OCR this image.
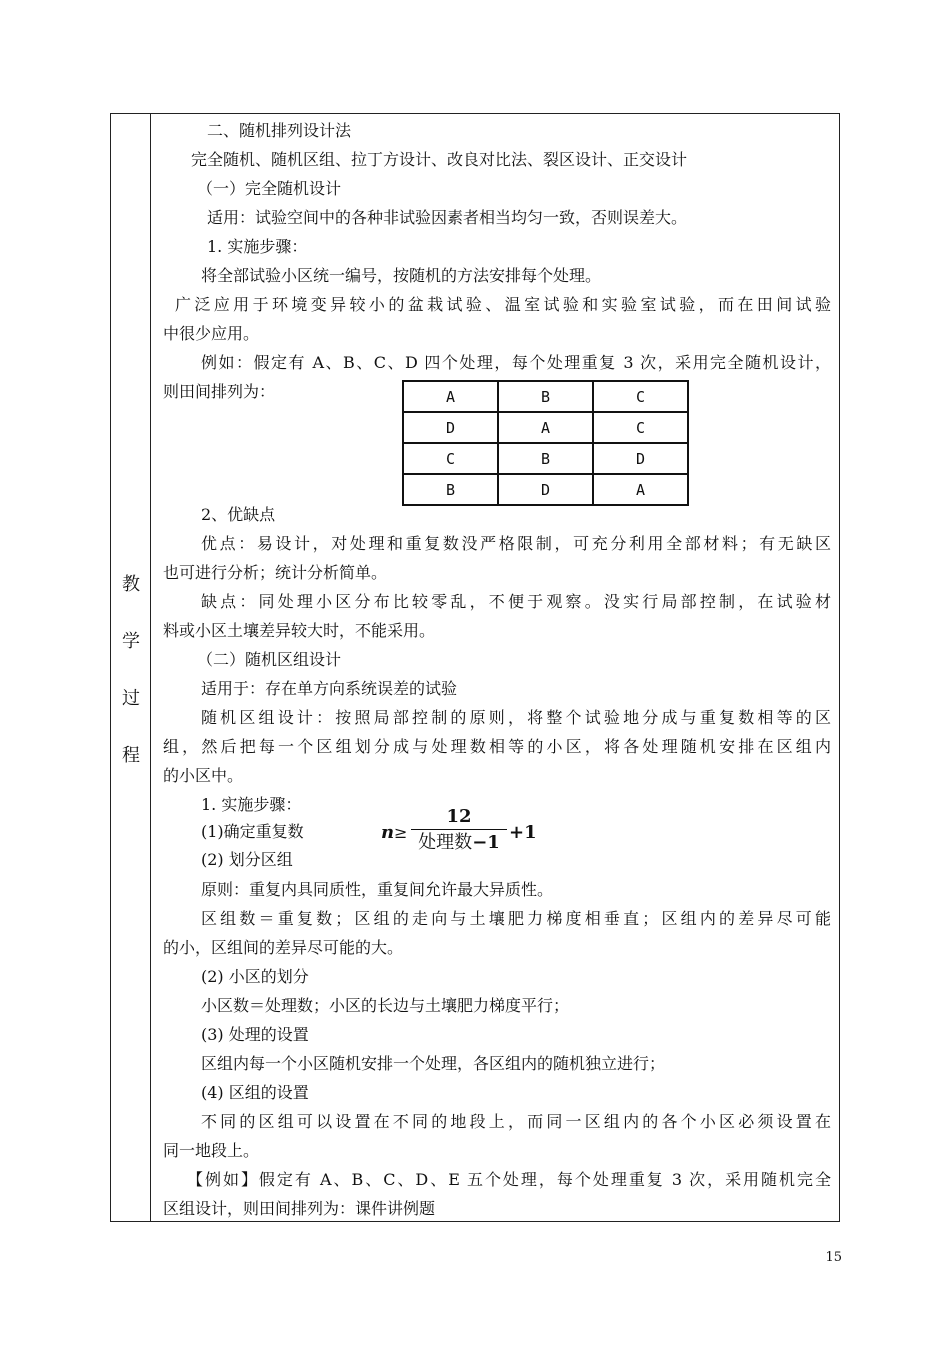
教
学
过
程
二、随机排列设计法
完全随机、随机区组、拉丁方设计、改良对比法、裂区设计、正交设计
（一）完全随机设计
适用：试验空间中的各种非试验因素者相当均匀一致，否则误差大。
1. 实施步骤：
将全部试验小区统一编号，按随机的方法安排每个处理。
广泛应用于环境变异较小的盆栽试验、温室试验和实验室试验，而在田间试验
中很少应用。
例如：假定有 A、B、C、D 四个处理，每个处理重复 3 次，采用完全随机设计，
则田间排列为：	A	B	C
D	A	C
C	B	D
B	D	A
2、优缺点
优点：易设计，对处理和重复数没严格限制，可充分利用全部材料；有无缺区
也可进行分析；统计分析简单。
缺点：同处理小区分布比较零乱，不便于观察。没实行局部控制，在试验材
料或小区土壤差异较大时，不能采用。
（二）随机区组设计
适用于：存在单方向系统误差的试验
随机区组设计：按照局部控制的原则，将整个试验地分成与重复数相等的区
组，然后把每一个区组划分成与处理数相等的小区，将各处理随机安排在区组内
的小区中。
1. 实施步骤：
(1)确定重复数	n ≥
12
处理数−1 +1
(2) 划分区组
原则：重复内具同质性，重复间允许最大异质性。
区组数＝重复数；区组的走向与土壤肥力梯度相垂直；区组内的差异尽可能
的小，区组间的差异尽可能的大。
(2) 小区的划分
小区数＝处理数；小区的长边与土壤肥力梯度平行；
(3) 处理的设置
区组内每一个小区随机安排一个处理，各区组内的随机独立进行；
(4) 区组的设置
不同的区组可以设置在不同的地段上，而同一区组内的各个小区必须设置在
同一地段上。
【例如】假定有 A、B、C、D、E 五个处理，每个处理重复 3 次，采用随机完全
区组设计，则田间排列为：课件讲例题
15
